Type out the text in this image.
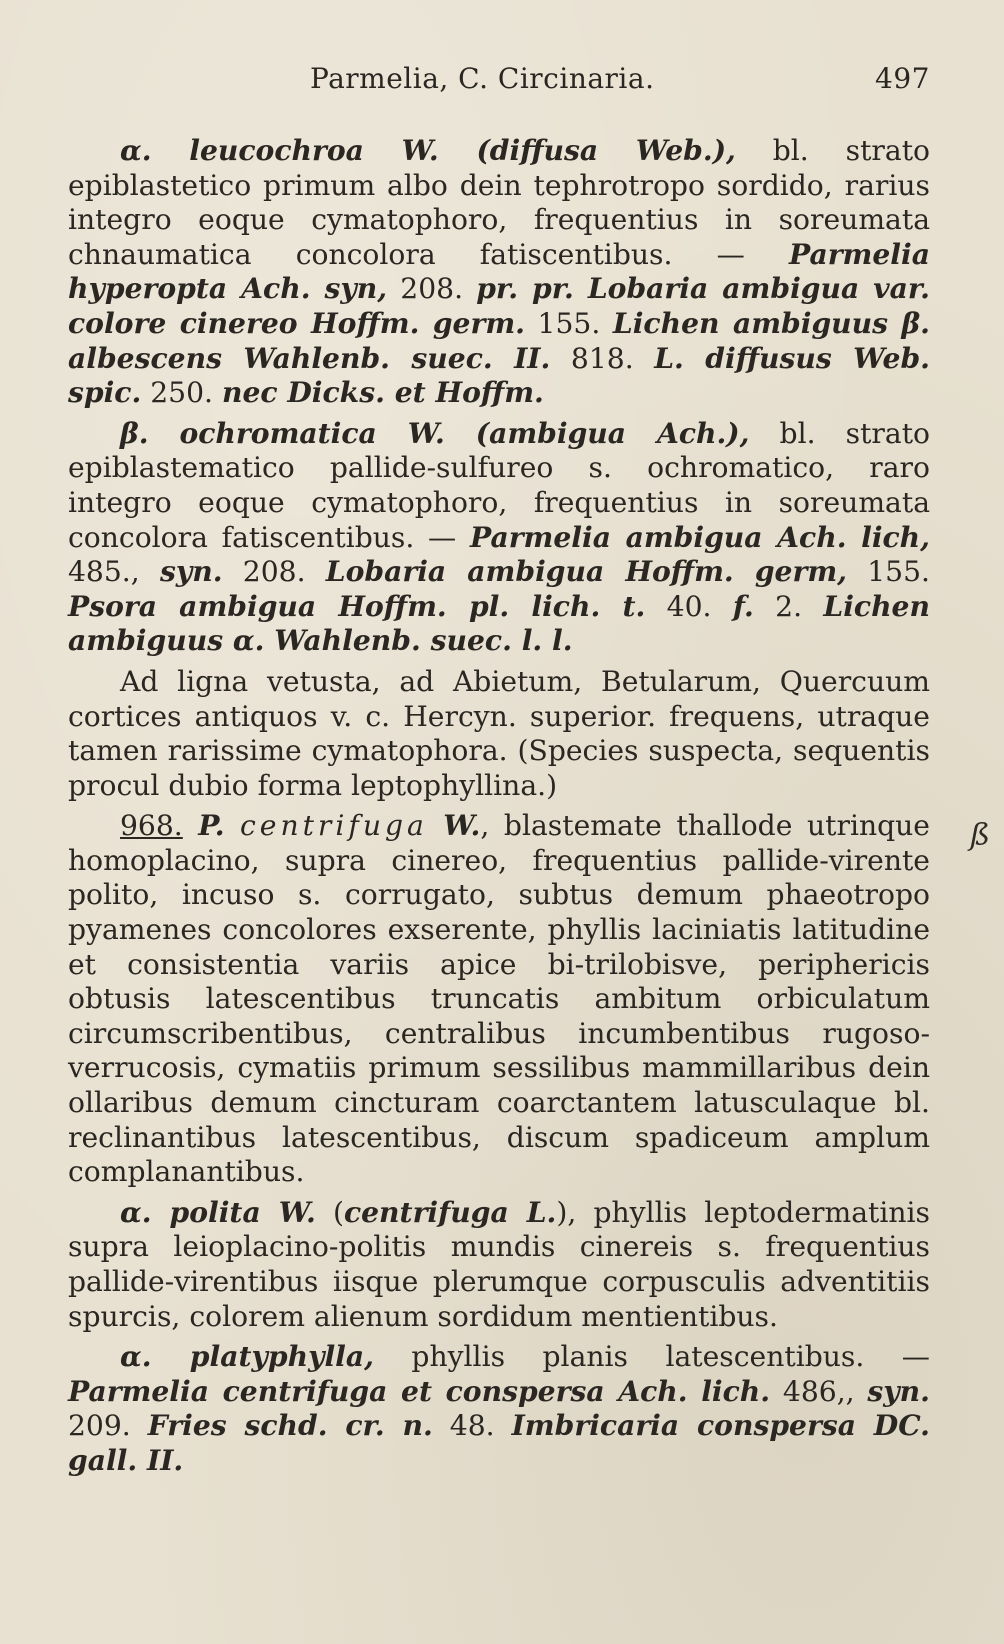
Parmelia, C. Circinaria.	497

α. leucochroa W. (diffusa Web.), bl. strato epiblastetico primum albo dein tephrotropo sordido, rarius integro eoque cymatophoro, frequentius in soreumata chnaumatica concolora fatiscentibus. — Parmelia hyperopta Ach. syn, 208. pr. pr. Lobaria ambigua var. colore cinereo Hoffm. germ. 155. Lichen ambiguus β. albescens Wahlenb. suec. II. 818. L. diffusus Web. spic. 250. nec Dicks. et Hoffm.

β. ochromatica W. (ambigua Ach.), bl. strato epiblastematico pallide-sulfureo s. ochromatico, raro integro eoque cymatophoro, frequentius in soreumata concolora fatiscentibus. — Parmelia ambigua Ach. lich, 485., syn. 208. Lobaria ambigua Hoffm. germ, 155. Psora ambigua Hoffm. pl. lich. t. 40. f. 2. Lichen ambiguus α. Wahlenb. suec. l. l.

Ad ligna vetusta, ad Abietum, Betularum, Quercuum cortices antiquos v. c. Hercyn. superior. frequens, utraque tamen rarissime cymatophora. (Species suspecta, sequentis procul dubio forma leptophyllina.)

968. P. centrifuga W., blastemate thallode utrinque homoplacino, supra cinereo, frequentius pallide-virente polito, incuso s. corrugato, subtus demum phaeotropo pyamenes concolores exserente, phyllis laciniatis latitudine et consistentia variis apice bi-trilobisve, periphericis obtusis latescentibus truncatis ambitum orbiculatum circumscribentibus, centralibus incumbentibus rugoso-verrucosis, cymatiis primum sessilibus mammillaribus dein ollaribus demum cincturam coarctantem latusculaque bl. reclinantibus latescentibus, discum spadiceum amplum complanantibus.

α. polita W. (centrifuga L.), phyllis leptodermatinis supra leioplacino-politis mundis cinereis s. frequentius pallide-virentibus iisque plerumque corpusculis adventitiis spurcis, colorem alienum sordidum mentientibus.

α. platyphylla, phyllis planis latescentibus. — Parmelia centrifuga et conspersa Ach. lich. 486,, syn. 209. Fries schd. cr. n. 48. Imbricaria conspersa DC. gall. II.

ß
